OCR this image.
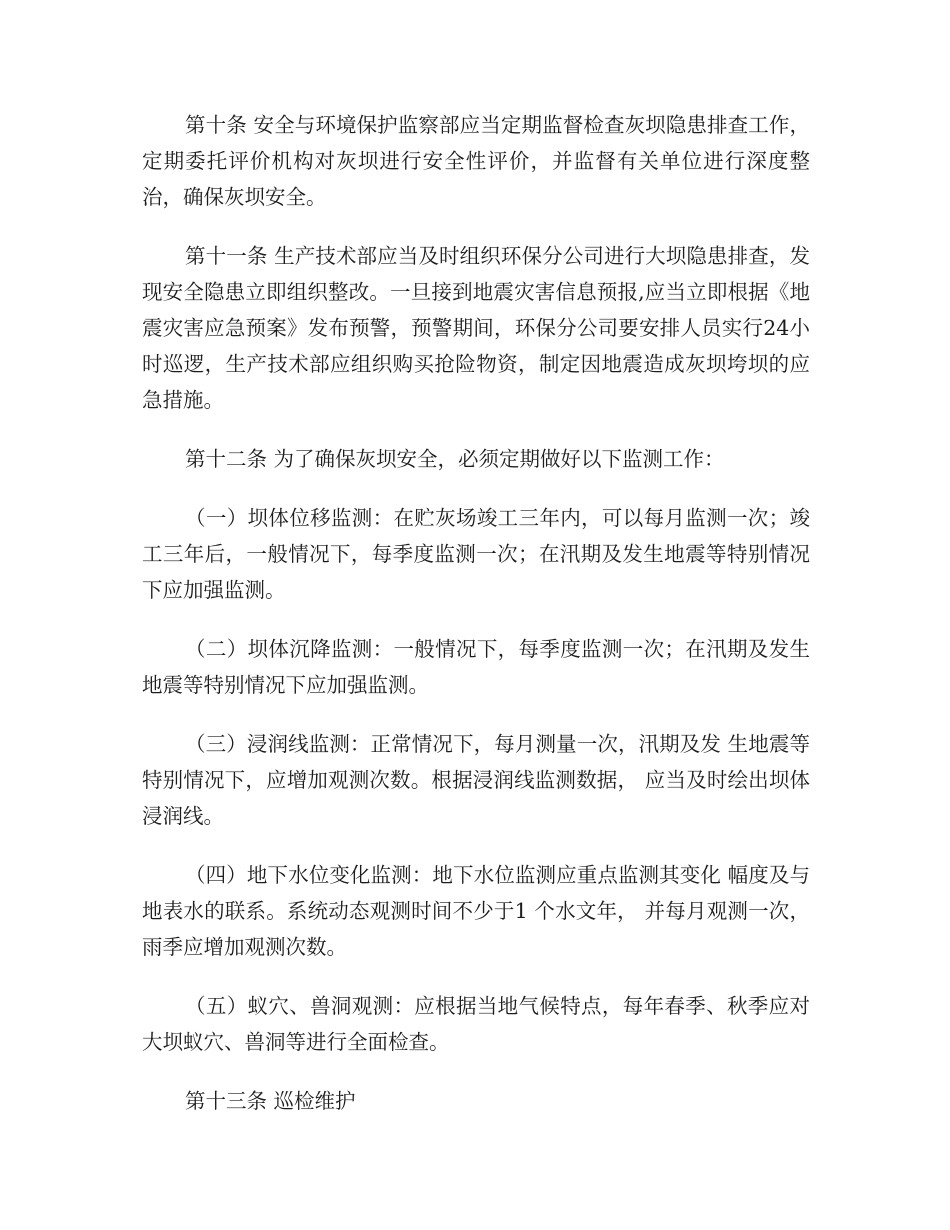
第十条 安全与环境保护监察部应当定期监督检查灰坝隐患排查工作，定期委托评价机构对灰坝进行安全性评价，并监督有关单位进行深度整治，确保灰坝安全。

第十一条 生产技术部应当及时组织环保分公司进行大坝隐患排查，发现安全隐患立即组织整改。一旦接到地震灾害信息预报,应当立即根据《地震灾害应急预案》发布预警，预警期间，环保分公司要安排人员实行24小时巡逻，生产技术部应组织购买抢险物资，制定因地震造成灰坝垮坝的应急措施。

第十二条 为了确保灰坝安全，必须定期做好以下监测工作：

（一）坝体位移监测：在贮灰场竣工三年内，可以每月监测一次；竣工三年后，一般情况下，每季度监测一次；在汛期及发生地震等特别情况下应加强监测。

（二）坝体沉降监测：一般情况下，每季度监测一次；在汛期及发生地震等特别情况下应加强监测。

（三）浸润线监测：正常情况下，每月测量一次，汛期及发 生地震等特别情况下，应增加观测次数。根据浸润线监测数据， 应当及时绘出坝体浸润线。

（四）地下水位变化监测：地下水位监测应重点监测其变化 幅度及与地表水的联系。系统动态观测时间不少于1 个水文年， 并每月观测一次，雨季应增加观测次数。

（五）蚁穴、兽洞观测：应根据当地气候特点，每年春季、秋季应对大坝蚁穴、兽洞等进行全面检查。

第十三条 巡检维护
